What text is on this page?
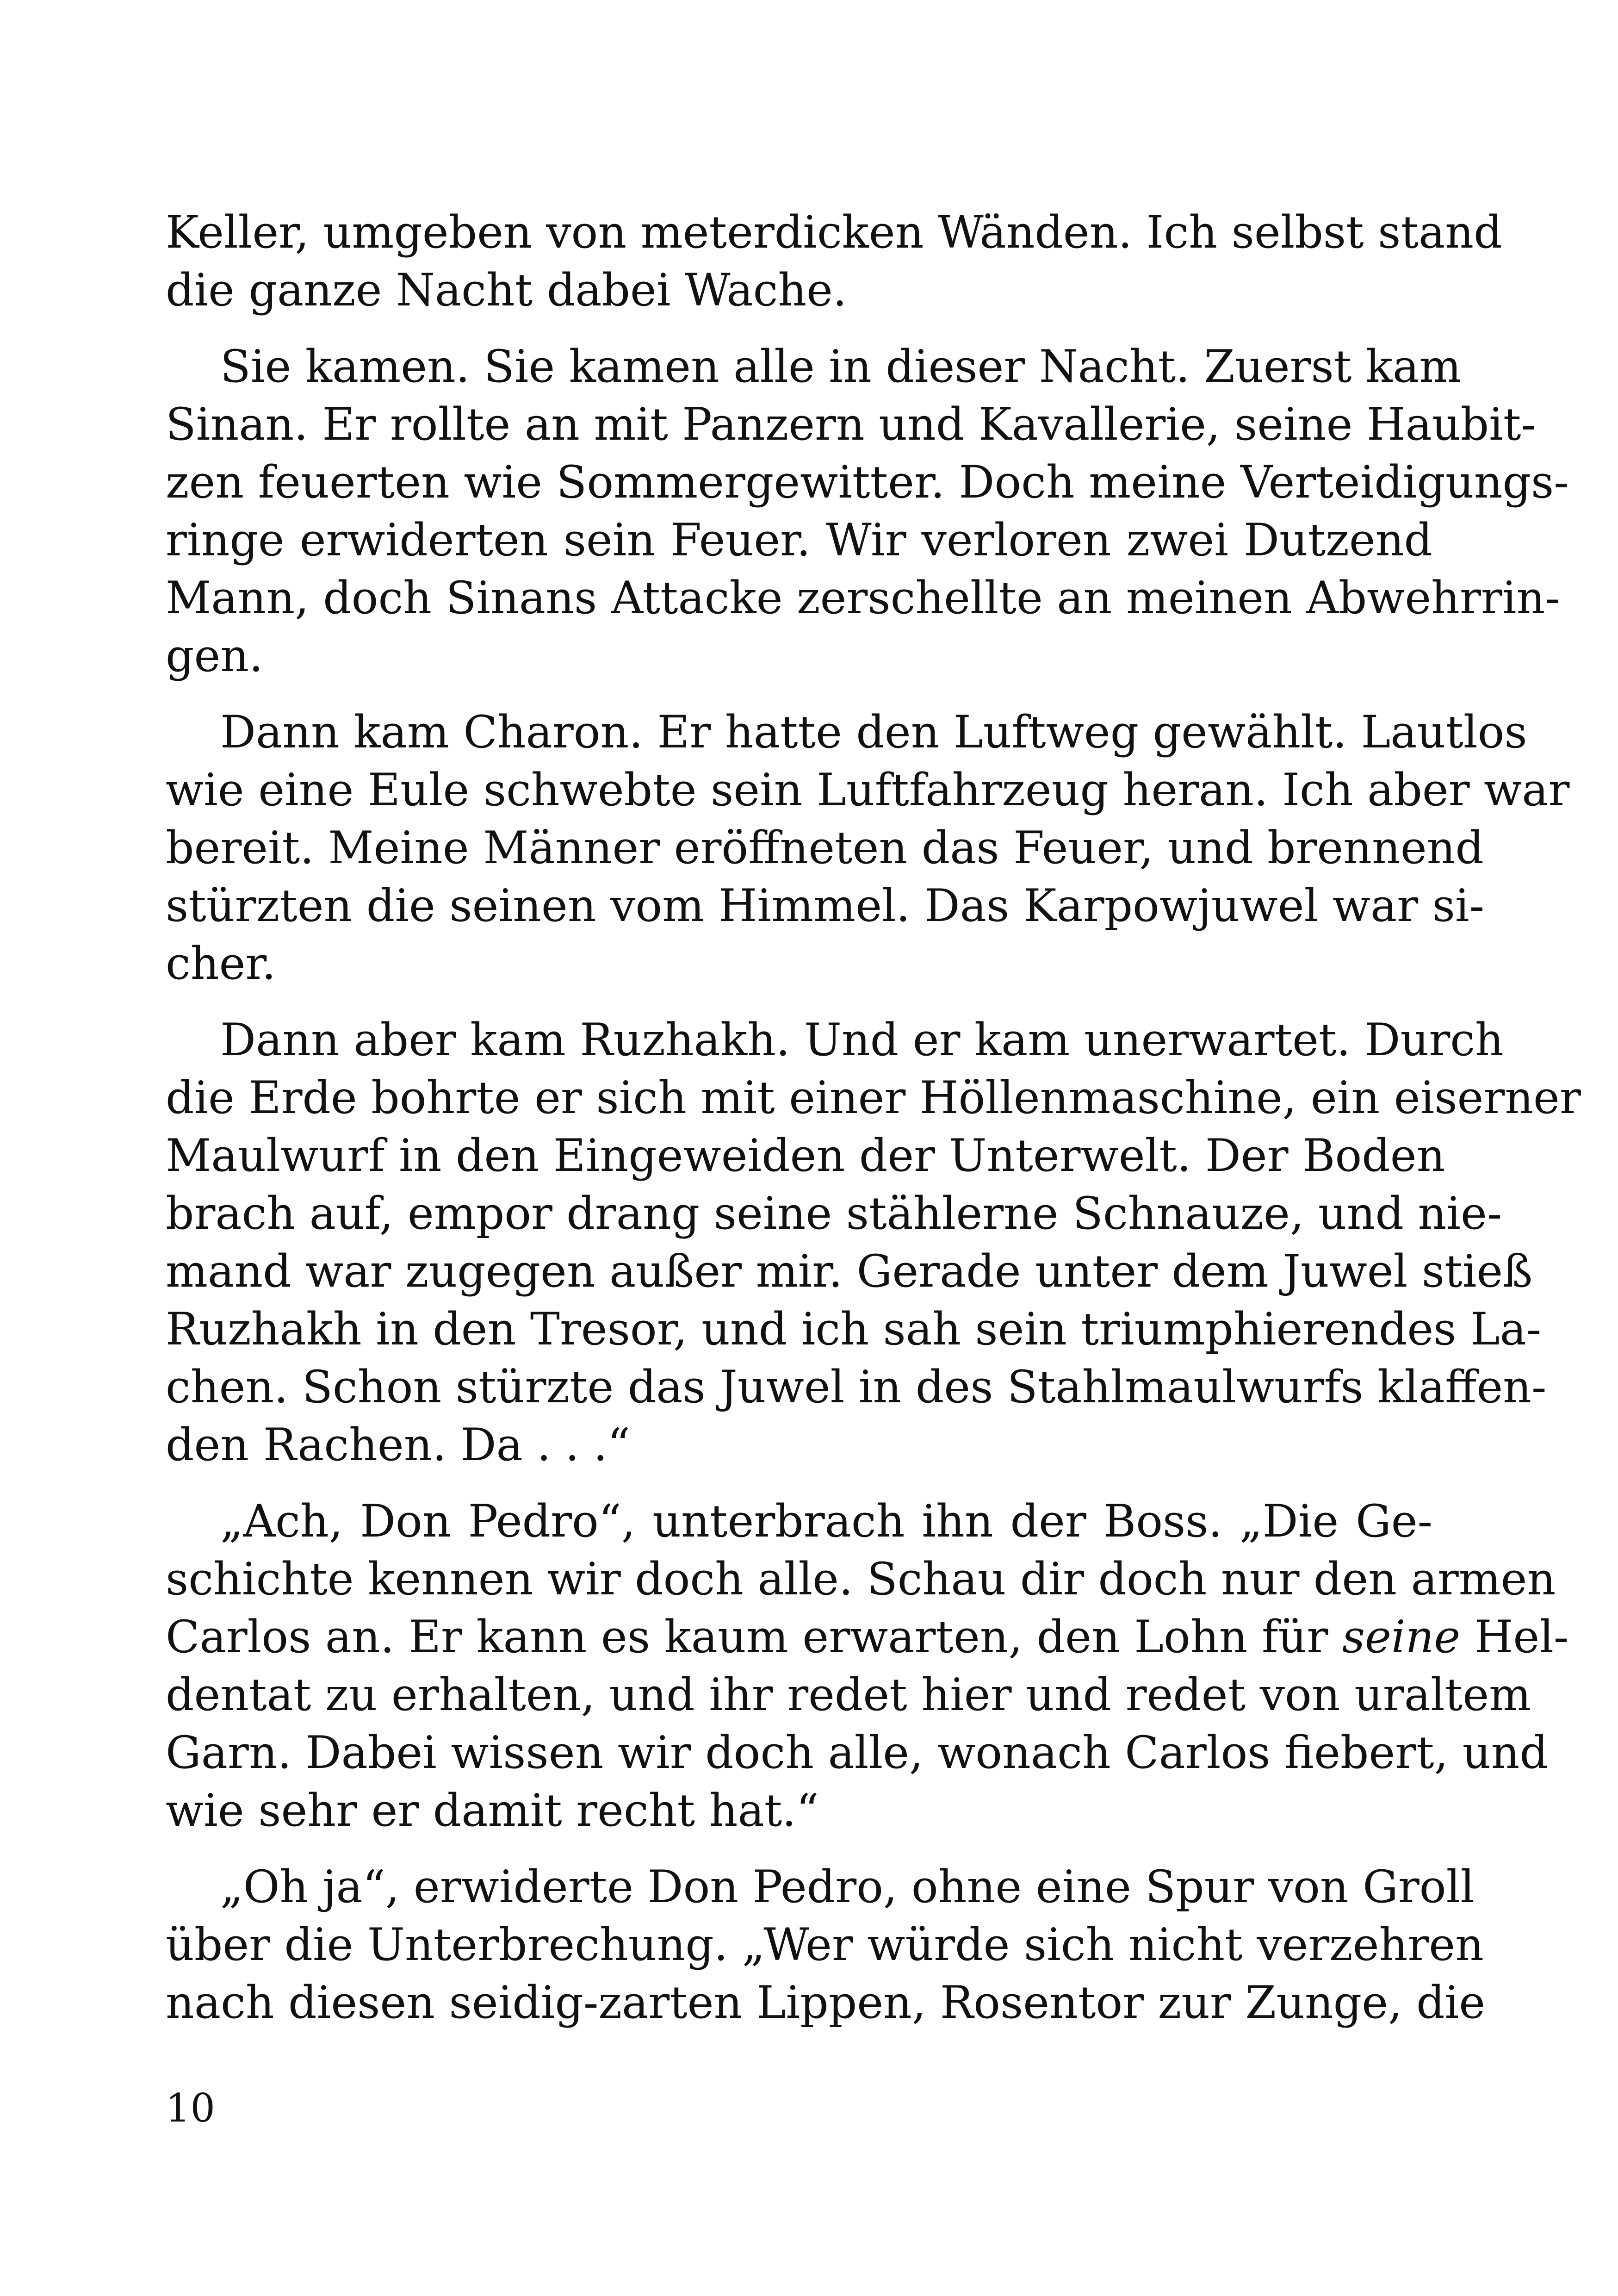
Keller, umgeben von meterdicken Wänden. Ich selbst stand
die ganze Nacht dabei Wache.
Sie kamen. Sie kamen alle in dieser Nacht. Zuerst kam
Sinan. Er rollte an mit Panzern und Kavallerie, seine Haubit-
zen feuerten wie Sommergewitter. Doch meine Verteidigungs-
ringe erwiderten sein Feuer. Wir verloren zwei Dutzend
Mann, doch Sinans Attacke zerschellte an meinen Abwehrrin-
gen.
Dann kam Charon. Er hatte den Luftweg gewählt. Lautlos
wie eine Eule schwebte sein Luftfahrzeug heran. Ich aber war
bereit. Meine Männer eröffneten das Feuer, und brennend
stürzten die seinen vom Himmel. Das Karpowjuwel war si-
cher.
Dann aber kam Ruzhakh. Und er kam unerwartet. Durch
die Erde bohrte er sich mit einer Höllenmaschine, ein eiserner
Maulwurf in den Eingeweiden der Unterwelt. Der Boden
brach auf, empor drang seine stählerne Schnauze, und nie-
mand war zugegen außer mir. Gerade unter dem Juwel stieß
Ruzhakh in den Tresor, und ich sah sein triumphierendes La-
chen. Schon stürzte das Juwel in des Stahlmaulwurfs klaffen-
den Rachen. Da . . .“
„Ach, Don Pedro“, unterbrach ihn der Boss. „Die Ge-
schichte kennen wir doch alle. Schau dir doch nur den armen
Carlos an. Er kann es kaum erwarten, den Lohn für seine Hel-
dentat zu erhalten, und ihr redet hier und redet von uraltem
Garn. Dabei wissen wir doch alle, wonach Carlos fiebert, und
wie sehr er damit recht hat.“
„Oh ja“, erwiderte Don Pedro, ohne eine Spur von Groll
über die Unterbrechung. „Wer würde sich nicht verzehren
nach diesen seidig-zarten Lippen, Rosentor zur Zunge, die
10
